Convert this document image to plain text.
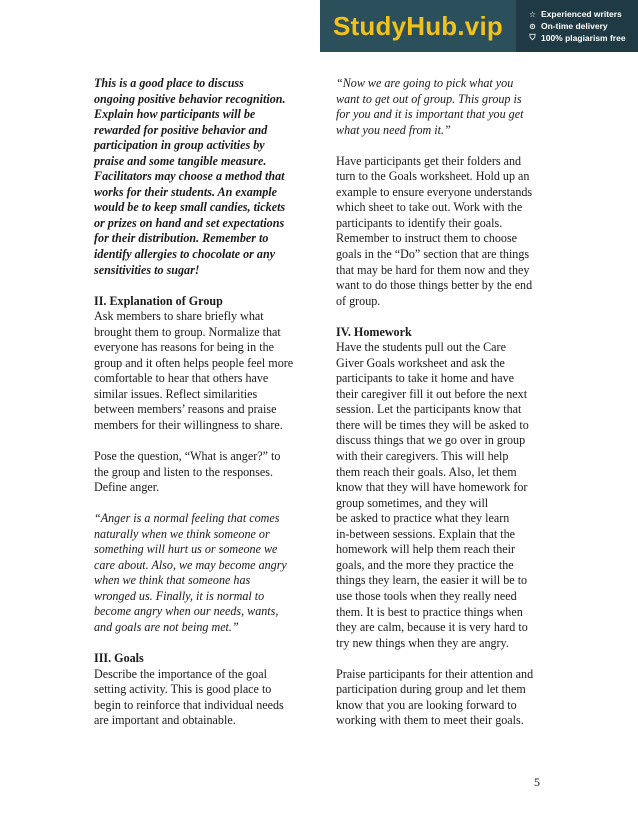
StudyHub.vip	☆ Experienced writers
⊙ On-time delivery
⛉ 100% plagiarism free
This is a good place to discuss
ongoing positive behavior recognition.
Explain how participants will be
rewarded for positive behavior and
participation in group activities by
praise and some tangible measure.
Facilitators may choose a method that
works for their students. An example
would be to keep small candies, tickets
or prizes on hand and set expectations
for their distribution. Remember to
identify allergies to chocolate or any
sensitivities to sugar!

II. Explanation of Group

Ask members to share briefly what
brought them to group. Normalize that
everyone has reasons for being in the
group and it often helps people feel more
comfortable to hear that others have
similar issues. Reflect similarities
between members’ reasons and praise
members for their willingness to share.
Pose the question, “What is anger?” to
the group and listen to the responses.
Define anger.
“Anger is a normal feeling that comes
naturally when we think someone or
something will hurt us or someone we
care about. Also, we may become angry
when we think that someone has
wronged us. Finally, it is normal to
become angry when our needs, wants,
and goals are not being met.”

III. Goals

Describe the importance of the goal
setting activity. This is good place to
begin to reinforce that individual needs
are important and obtainable.
“Now we are going to pick what you
want to get out of group. This group is
for you and it is important that you get
what you need from it.”
Have participants get their folders and
turn to the Goals worksheet. Hold up an
example to ensure everyone understands
which sheet to take out. Work with the
participants to identify their goals.
Remember to instruct them to choose
goals in the “Do” section that are things
that may be hard for them now and they
want to do those things better by the end
of group.

IV. Homework

Have the students pull out the Care
Giver Goals worksheet and ask the
participants to take it home and have
their caregiver fill it out before the next
session. Let the participants know that
there will be times they will be asked to
discuss things that we go over in group
with their caregivers. This will help
them reach their goals. Also, let them
know that they will have homework for
group sometimes, and they will
be asked to practice what they learn
in-between sessions. Explain that the
homework will help them reach their
goals, and the more they practice the
things they learn, the easier it will be to
use those tools when they really need
them. It is best to practice things when
they are calm, because it is very hard to
try new things when they are angry.
Praise participants for their attention and
participation during group and let them
know that you are looking forward to
working with them to meet their goals.
5
